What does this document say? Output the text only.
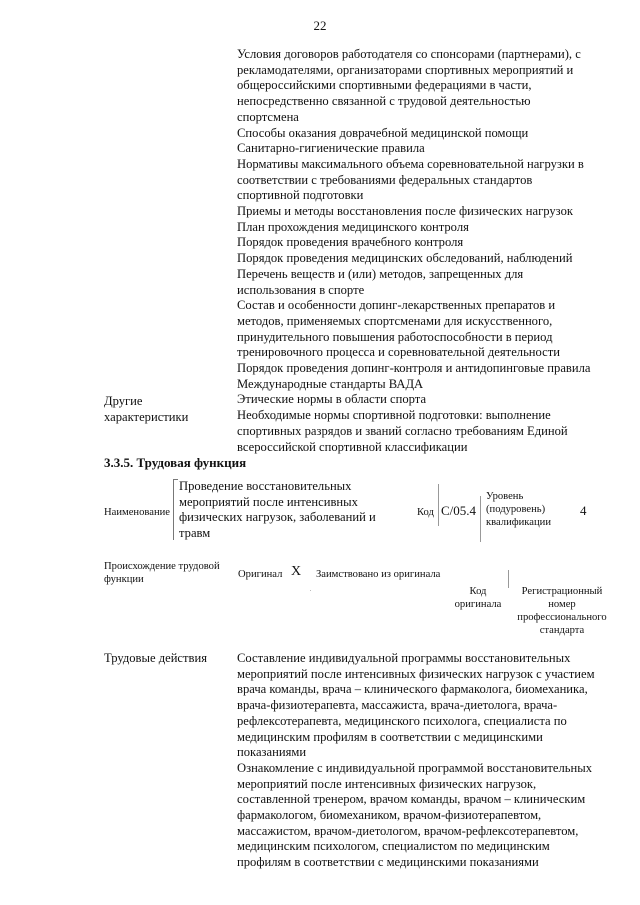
22
Условия договоров работодателя со спонсорами (партнерами), с
рекламодателями, организаторами спортивных мероприятий и
общероссийскими спортивными федерациями в части,
непосредственно связанной с трудовой деятельностью
спортсмена
Способы оказания доврачебной медицинской помощи
Санитарно-гигиенические правила
Нормативы максимального объема соревновательной нагрузки в
соответствии с требованиями федеральных стандартов
спортивной подготовки
Приемы и методы восстановления после физических нагрузок
План прохождения медицинского контроля
Порядок проведения врачебного контроля
Порядок проведения медицинских обследований, наблюдений
Перечень веществ и (или) методов, запрещенных для
использования в спорте
Состав и особенности допинг-лекарственных препаратов и
методов, применяемых спортсменами для искусственного,
принудительного повышения работоспособности в период
тренировочного процесса и соревновательной деятельности
Порядок проведения допинг-контроля и антидопинговые правила
Международные стандарты ВАДА
Этические нормы в области спорта
Необходимые нормы спортивной подготовки: выполнение
спортивных разрядов и званий согласно требованиям Единой
всероссийской спортивной классификации
Другие
характеристики
3.3.5. Трудовая функция
Наименование
Проведение восстановительных
мероприятий после интенсивных
физических нагрузок, заболеваний и
травм
Код С/05.4
Уровень
(подуровень)
квалификации
4
Происхождение трудовой
функции	Оригинал X Заимствовано из оригинала
Код
оригинала
Регистрационный
номер
профессионального
стандарта
Трудовые действия Составление индивидуальной программы восстановительных
мероприятий после интенсивных физических нагрузок с участием
врача команды, врача – клинического фармаколога, биомеханика,
врача-физиотерапевта, массажиста, врача-диетолога, врача-
рефлексотерапевта, медицинского психолога, специалиста по
медицинским профилям в соответствии с медицинскими
показаниями
Ознакомление с индивидуальной программой восстановительных
мероприятий после интенсивных физических нагрузок,
составленной тренером, врачом команды, врачом – клиническим
фармакологом, биомехаником, врачом-физиотерапевтом,
массажистом, врачом-диетологом, врачом-рефлексотерапевтом,
медицинским психологом, специалистом по медицинским
профилям в соответствии с медицинскими показаниями
